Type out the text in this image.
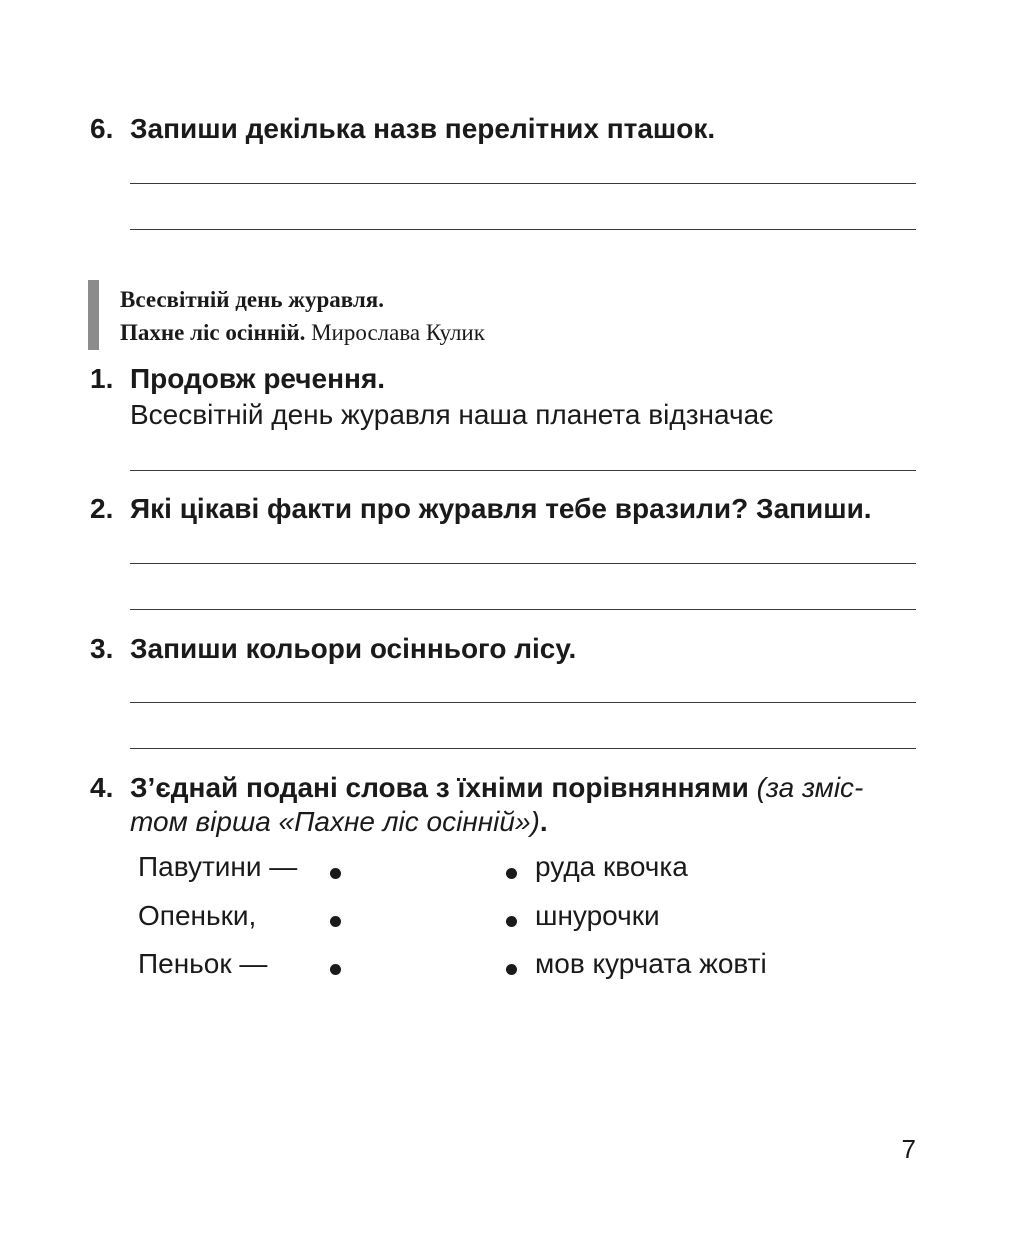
6. Запиши декілька назв перелітних пташок.
Всесвітній день журавля.
Пахне ліс осінній. Мирослава Кулик
1. Продовж речення.
Всесвітній день журавля наша планета відзначає
2. Які цікаві факти про журавля тебе вразили? Запиши.
3. Запиши кольори осіннього лісу.
4. З’єднай подані слова з їхніми порівняннями (за зміс-
том вірша «Пахне ліс осінній»).
Павутини —
Опеньки,
Пеньок —
руда квочка
шнурочки
мов курчата жовті
7
